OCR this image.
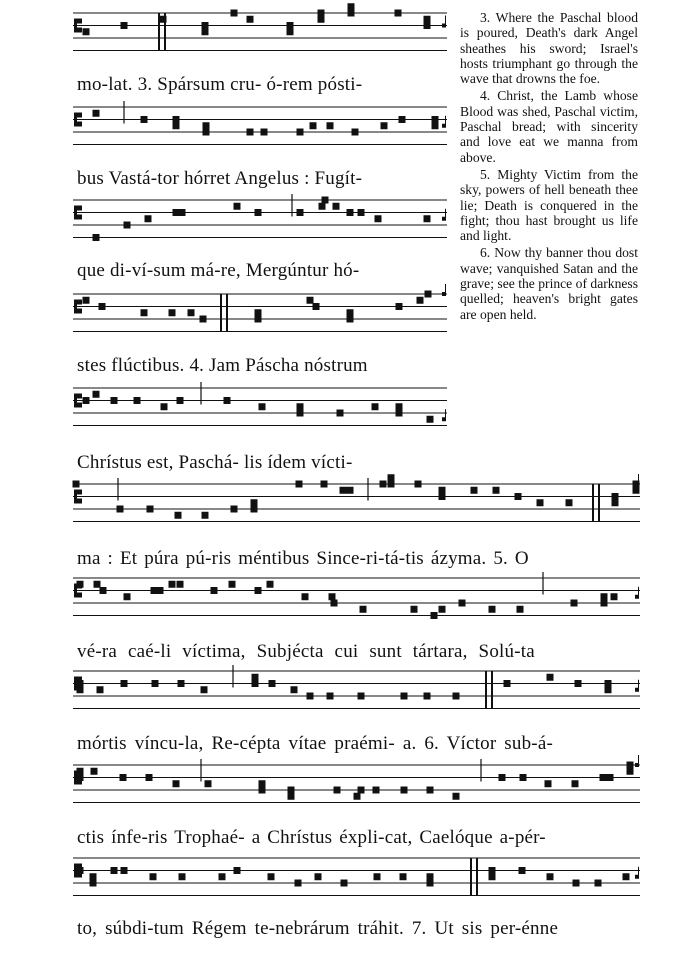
mo-lat. 3. Spársum cru- ó-rem pósti-
bus Vastá-tor hórret Angelus : Fugít-
que di-ví-sum má-re, Mergúntur hó-
stes flúctibus. 4. Jam Páscha nóstrum
Chrístus est, Paschá- lis ídem vícti-
ma : Et púra pú-ris méntibus Since-ri-tá-tis ázyma. 5. O
vé-ra caé-li víctima, Subjécta cui sunt tártara, Solú-ta
mórtis víncu-la, Re-cépta vítae praémi- a. 6. Víctor sub-á-
ctis ínfe-ris Trophaé- a Chrístus éxpli-cat, Caelóque a-pér-
to, súbdi-tum Régem te-nebrárum tráhit. 7. Ut sis per-énne

3. Where the Paschal blood is poured, Death's dark Angel sheathes his sword; Israel's hosts triumphant go through the wave that drowns the foe.

4. Christ, the Lamb whose Blood was shed, Paschal victim, Paschal bread; with sincerity and love eat we manna from above.

5. Mighty Victim from the sky, powers of hell beneath thee lie; Death is conquered in the fight; thou hast brought us life and light.

6. Now thy banner thou dost wave; vanquished Satan and the grave; see the prince of darkness quelled; heaven's bright gates are open held.
